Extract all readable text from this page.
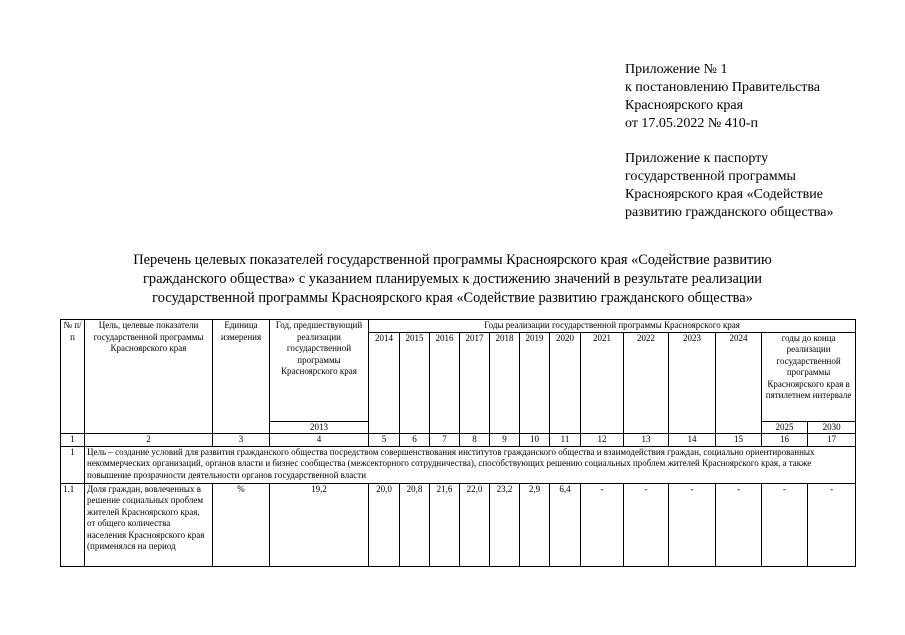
Приложение № 1
к постановлению Правительства
Красноярского края
от 17.05.2022 № 410-п
Приложение к паспорту
государственной программы
Красноярского края «Содействие
развитию гражданского общества»
Перечень целевых показателей государственной программы Красноярского края «Содействие развитию
гражданского общества» с указанием планируемых к достижению значений в результате реализации
государственной программы Красноярского края «Содействие развитию гражданского общества»
№ п/п	Цель, целевые показатели государственной программы Красноярского края	Единица измерения	Год, предшествующий реализации государственной программы Красноярского края	Годы реализации государственной программы Красноярского края												
				2014	2015	2016	2017	2018	2019	2020	2021	2022	2023	2024	годы до конца реализации государственной программы Красноярского края в пятилетнем интервале	
			2013												2025	2030
1	2	3	4	5	6	7	8	9	10	11	12	13	14	15	16	17
1	Цель – создание условий для развития гражданского общества посредством совершенствования институтов гражданского общества и взаимодействия граждан, социально ориентированных некоммерческих организаций, органов власти и бизнес сообщества (межсекторного сотрудничества), способствующих решению социальных проблем жителей Красноярского края, а также повышение прозрачности деятельности органов государственной власти															
1.1	Доля граждан, вовлеченных в решение социальных проблем жителей Красноярского края, от общего количества населения Красноярского края (применялся на период	%	19,2	20,0	20,8	21,6	22,0	23,2	2,9	6,4	-	-	-	-	-	-
